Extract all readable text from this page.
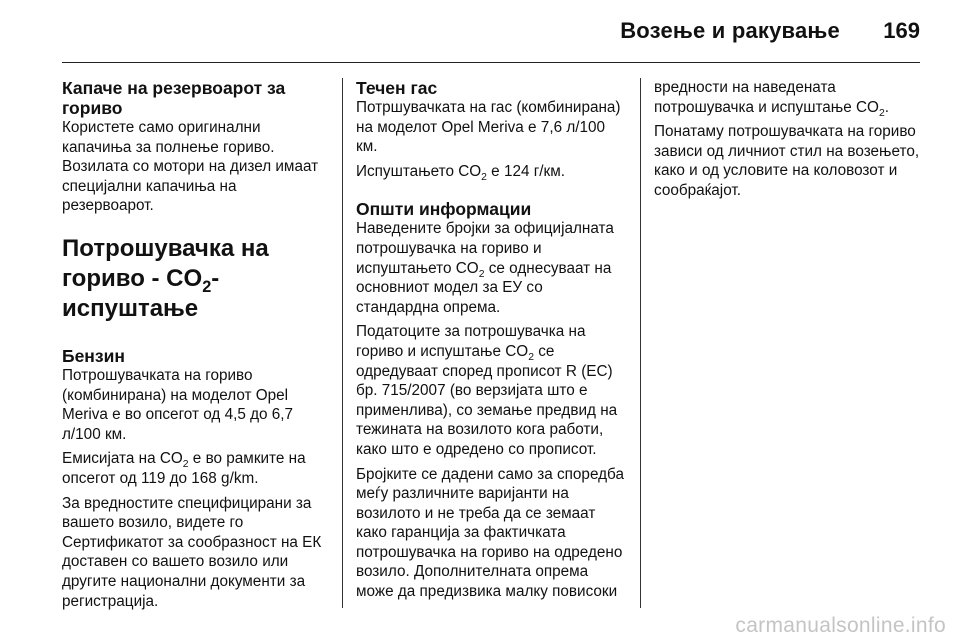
Возење и ракување 169
Капаче на резервоарот за гориво

Користете само оригинални капачиња за полнење гориво. Возилата со мотори на дизел имаат специјални капачиња на резервоарот.

Потрошувачка на гориво - $CO_2$-испуштање
Бензин

Потрошувачката на гориво (комбинирана) на моделот Opel Meriva е во опсегот од 4,5 до 6,7 л/100 км.

Емисијата на $CO_2$ е во рамките на опсегот од 119 до 168 g/km.

За вредностите специфицирани за вашето возило, видете го Сертификатот за сообразност на ЕК доставен со вашето возило или другите национални документи за регистрација.

Течен гас

Потршувачката на гас (комбинирана) на моделот Opel Meriva е 7,6 л/100 км.

Испуштањето $CO_2$ е 124 г/км.

Општи информации

Наведените бројки за официјалната потрошувачка на гориво и испуштањето $CO_2$ се однесуваат на основниот модел за ЕУ со стандардна опрема.

Податоците за потрошувачка на гориво и испуштање $CO_2$ се одредуваат според прописот R (EC) бр. 715/2007 (во верзијата што е применлива), со земање предвид на тежината на возилото кога работи, како што е одредено со прописот.

Бројките се дадени само за споредба меѓу различните варијанти на возилото и не треба да се земаат како гаранција за фактичката потрошувачка на гориво на одредено возило. Дополнителната опрема може да предизвика малку повисоки

вредности на наведената потрошувачка и испуштање $CO_2$.

Понатаму потрошувачката на гориво зависи од личниот стил на возењето, како и од условите на коловозот и сообраќајот.

carmanualsonline.info
